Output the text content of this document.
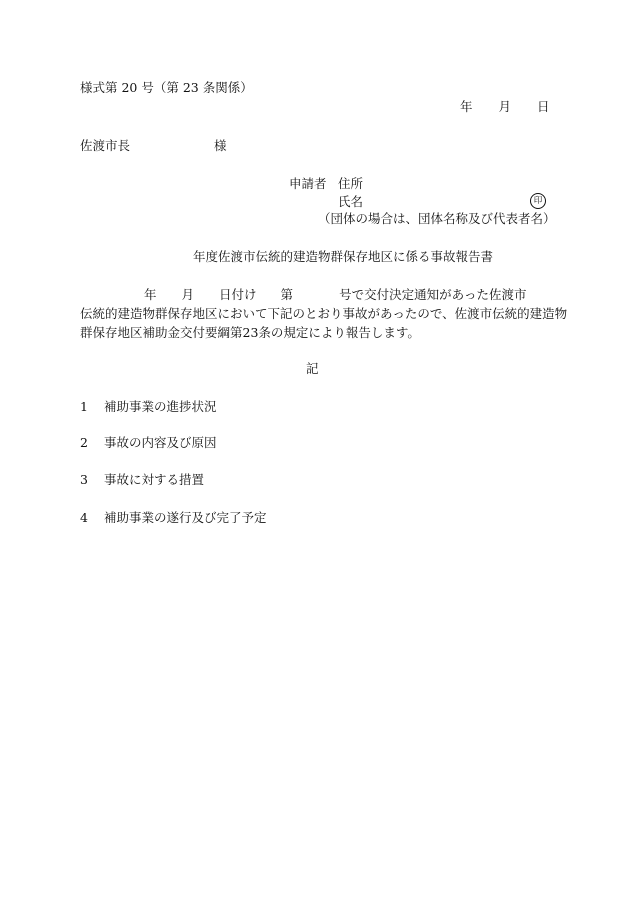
様式第 20 号（第 23 条関係）
年 月 日
佐渡市長	様
申請者 住所
氏名	印
（団体の場合は、団体名称及び代表者名）
年度佐渡市伝統的建造物群保存地区に係る事故報告書
年 月 日付け 第	号で交付決定通知があった佐渡市
伝統的建造物群保存地区において下記のとおり事故があったので、佐渡市伝統的建造物
群保存地区補助金交付要綱第23条の規定により報告します。
記
1 補助事業の進捗状況
2 事故の内容及び原因
3 事故に対する措置
4 補助事業の遂行及び完了予定
